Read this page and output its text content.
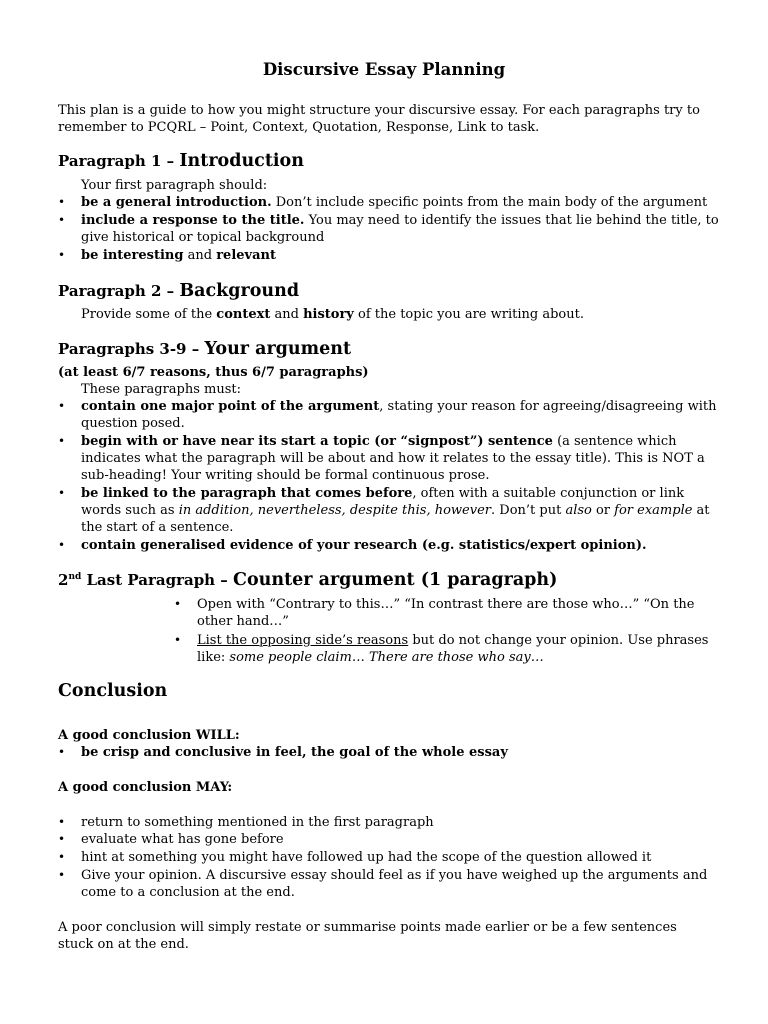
Discursive Essay Planning
This plan is a guide to how you might structure your discursive essay. For each paragraphs try to
remember to PCQRL – Point, Context, Quotation, Response, Link to task.
Paragraph 1 – Introduction
Your first paragraph should:
• be a general introduction. Don’t include specific points from the main body of the argument
• include a response to the title. You may need to identify the issues that lie behind the title, to
give historical or topical background
• be interesting and relevant
Paragraph 2 – Background
Provide some of the context and history of the topic you are writing about.
Paragraphs 3-9 – Your argument
(at least 6/7 reasons, thus 6/7 paragraphs)
These paragraphs must:
• contain one major point of the argument, stating your reason for agreeing/disagreeing with
question posed.
• begin with or have near its start a topic (or “signpost”) sentence (a sentence which
indicates what the paragraph will be about and how it relates to the essay title). This is NOT a
sub-heading! Your writing should be formal continuous prose.
• be linked to the paragraph that comes before, often with a suitable conjunction or link
words such as in addition, nevertheless, despite this, however. Don’t put also or for example at
the start of a sentence.
• contain generalised evidence of your research (e.g. statistics/expert opinion).
2nd Last Paragraph – Counter argument (1 paragraph)
• Open with “Contrary to this…” “In contrast there are those who…” “On the
other hand…”
• List the opposing side’s reasons but do not change your opinion. Use phrases
like: some people claim… There are those who say…
Conclusion
A good conclusion WILL:
• be crisp and conclusive in feel, the goal of the whole essay
A good conclusion MAY:
• return to something mentioned in the first paragraph
• evaluate what has gone before
• hint at something you might have followed up had the scope of the question allowed it
• Give your opinion. A discursive essay should feel as if you have weighed up the arguments and
come to a conclusion at the end.
A poor conclusion will simply restate or summarise points made earlier or be a few sentences
stuck on at the end.
